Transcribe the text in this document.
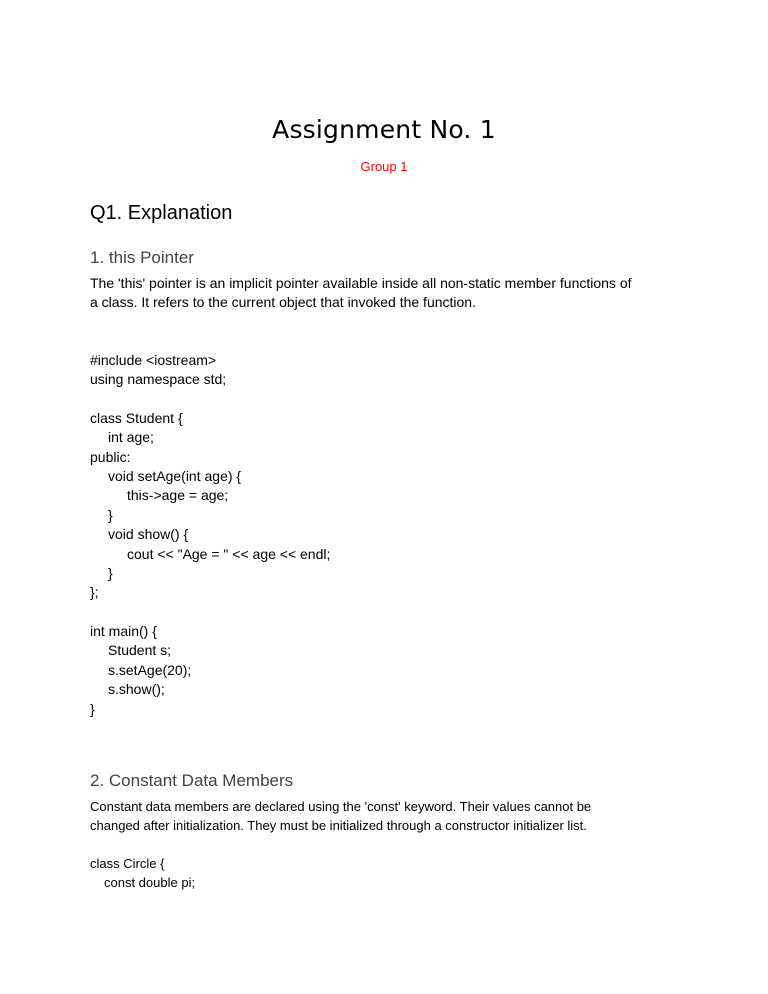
Assignment No. 1
Group 1
Q1. Explanation
1. this Pointer
The 'this' pointer is an implicit pointer available inside all non-static member functions of
a class. It refers to the current object that invoked the function.
#include <iostream>
using namespace std;
class Student {
int age;
public:
void setAge(int age) {
this->age = age;
}
void show() {
cout << "Age = " << age << endl;
}
};
int main() {
Student s;
s.setAge(20);
s.show();
}
2. Constant Data Members
Constant data members are declared using the 'const' keyword. Their values cannot be
changed after initialization. They must be initialized through a constructor initializer list.
class Circle {
const double pi;
